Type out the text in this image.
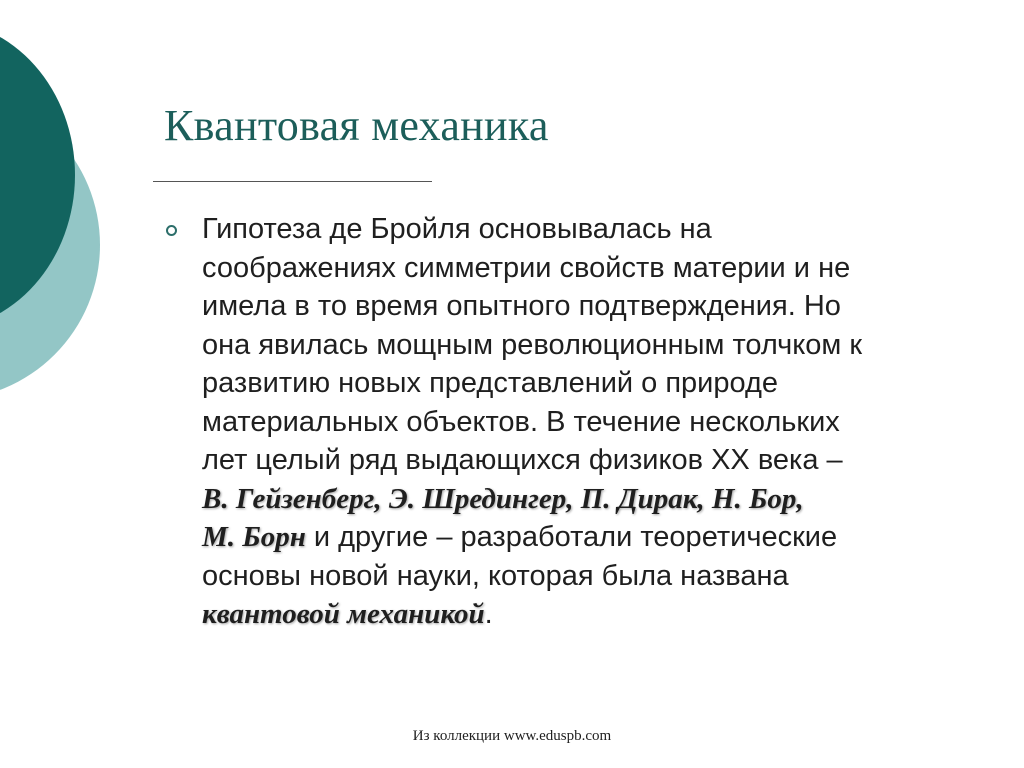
Квантовая механика

Гипотеза де Бройля основывалась на
соображениях симметрии свойств материи и не
имела в то время опытного подтверждения. Но
она явилась мощным революционным толчком к
развитию новых представлений о природе
материальных объектов. В течение нескольких
лет целый ряд выдающихся физиков XX века –
В. Гейзенберг, Э. Шредингер, П. Дирак, Н. Бор,
М. Борн и другие – разработали теоретические
основы новой науки, которая была названа
квантовой механикой.

Из коллекции www.eduspb.com
